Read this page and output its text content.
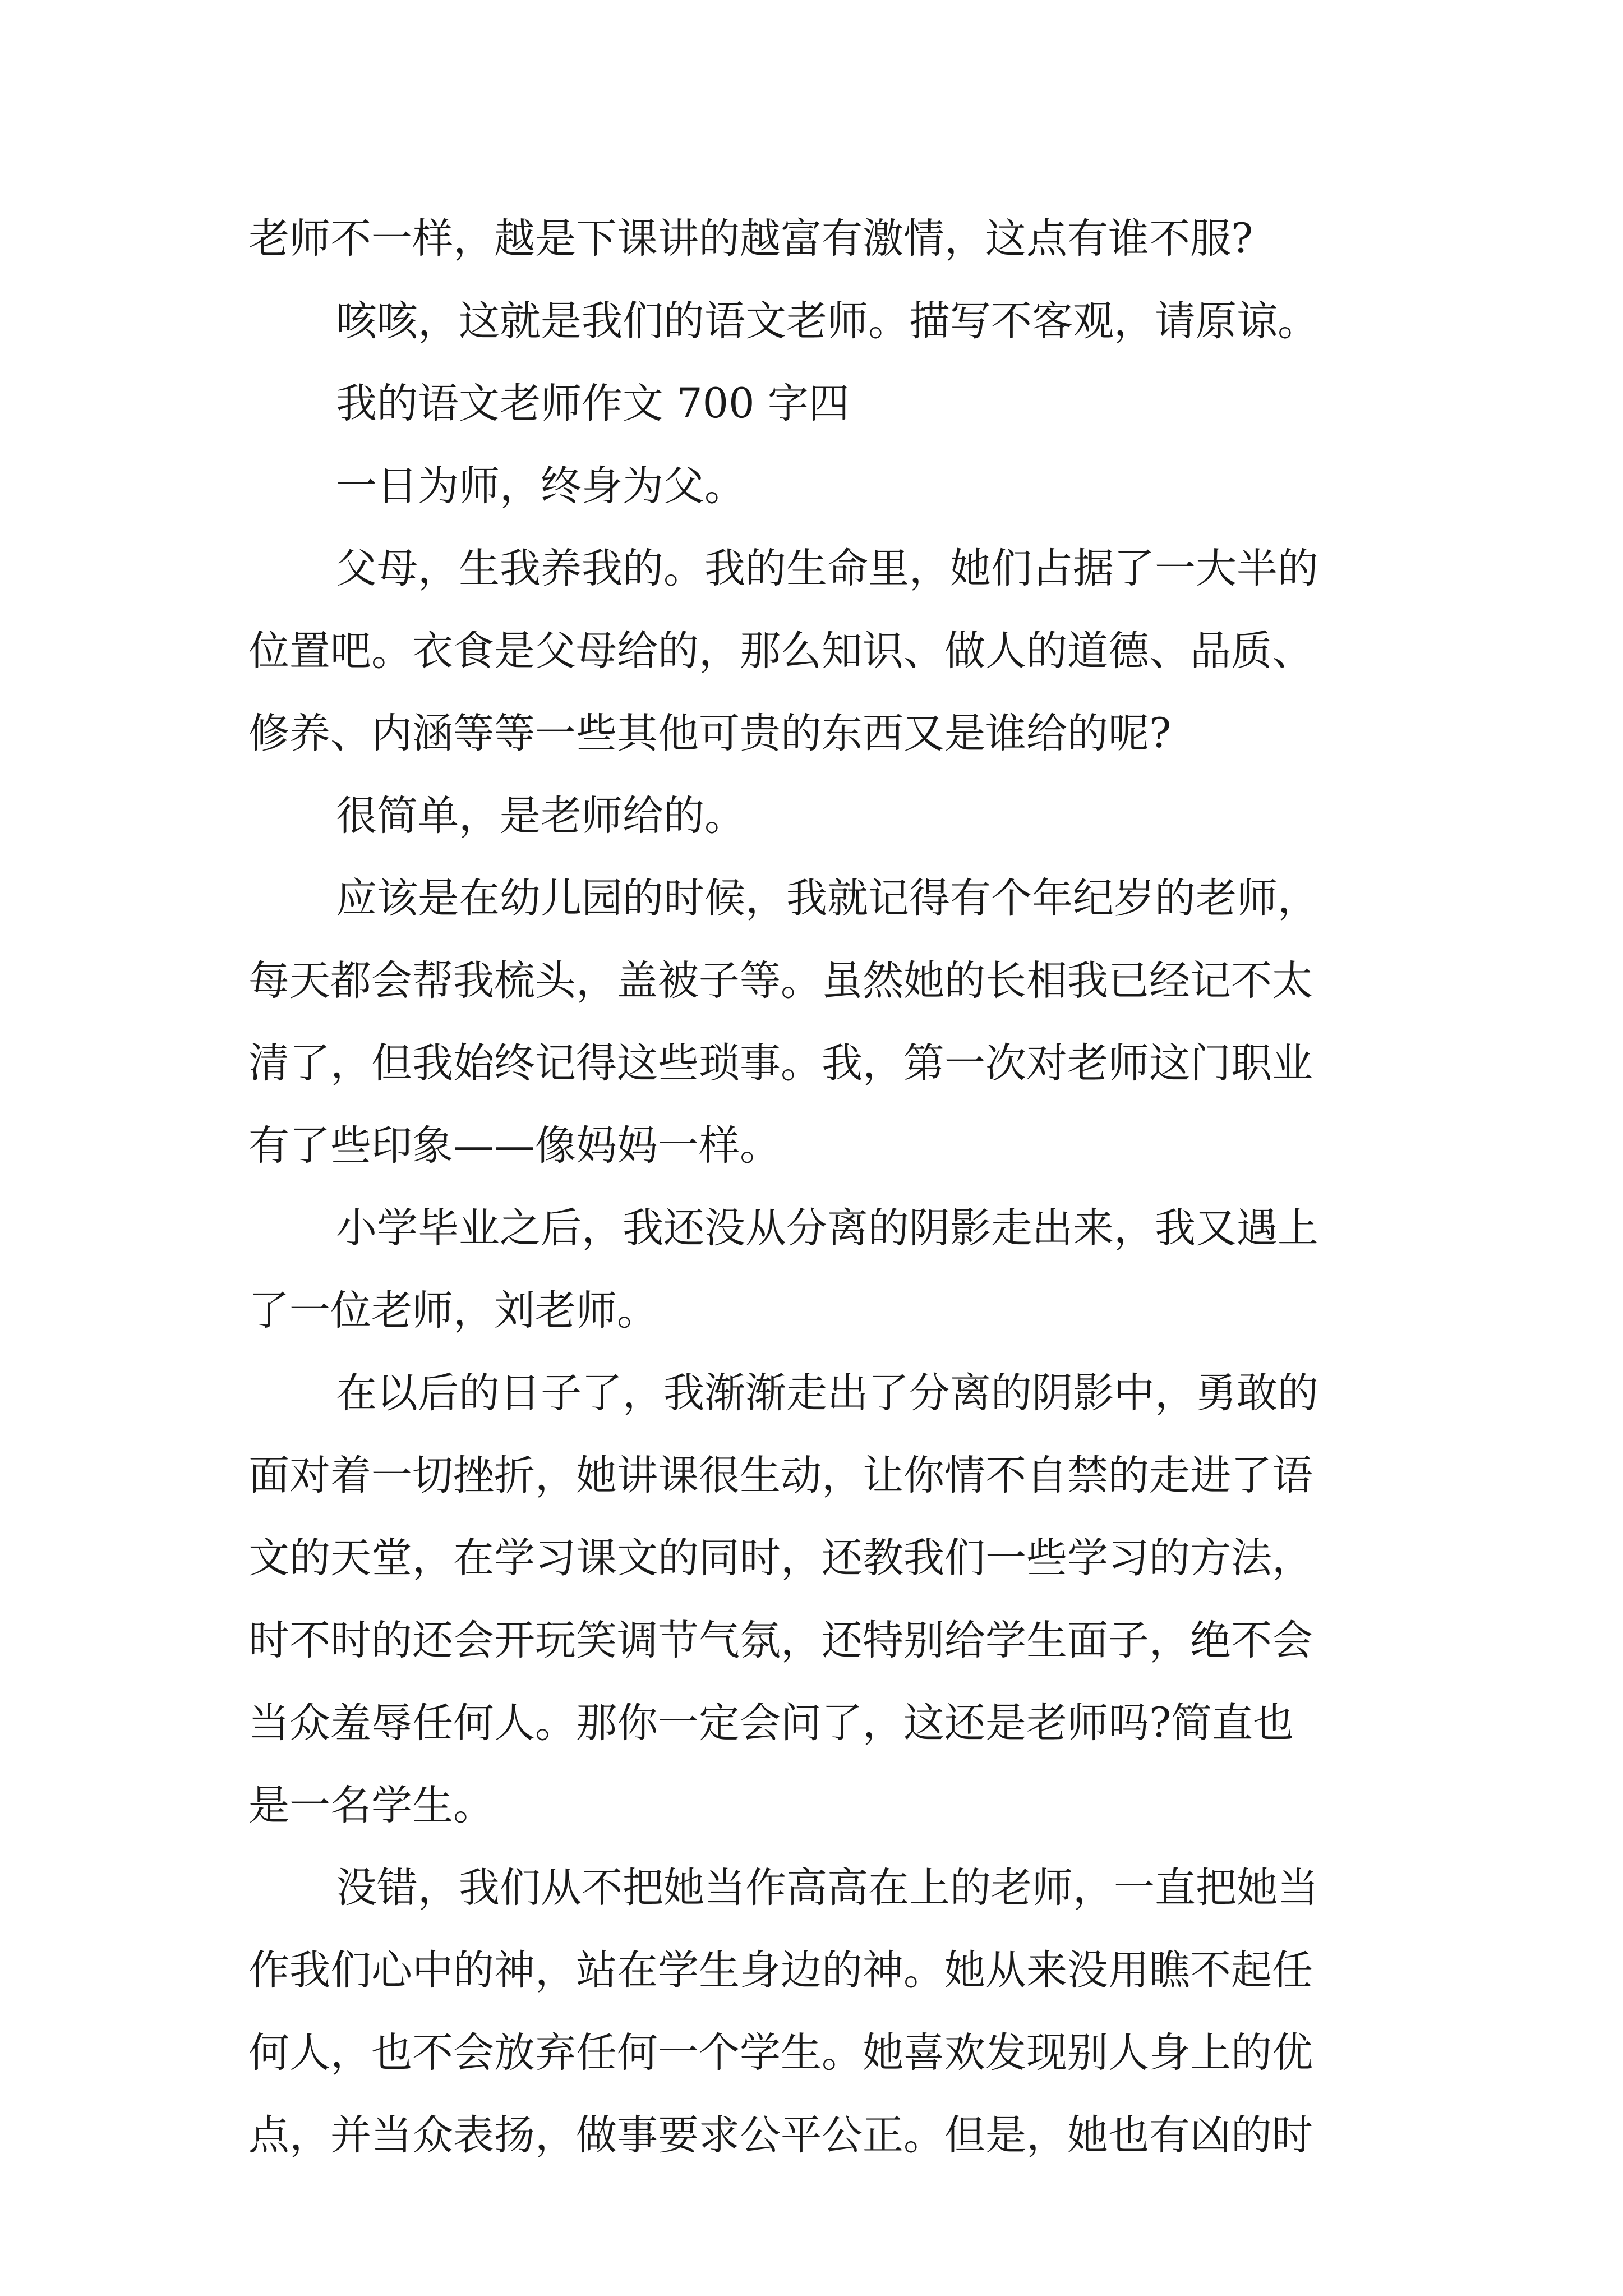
老师不一样，越是下课讲的越富有激情，这点有谁不服?
咳咳，这就是我们的语文老师。描写不客观，请原谅。
我的语文老师作文 700 字四
一日为师，终身为父。
父母，生我养我的。我的生命里，她们占据了一大半的
位置吧。衣食是父母给的，那么知识、做人的道德、品质、
修养、内涵等等一些其他可贵的东西又是谁给的呢?
很简单，是老师给的。
应该是在幼儿园的时候，我就记得有个年纪岁的老师，
每天都会帮我梳头，盖被子等。虽然她的长相我已经记不太
清了，但我始终记得这些琐事。我，第一次对老师这门职业
有了些印象——像妈妈一样。
小学毕业之后，我还没从分离的阴影走出来，我又遇上
了一位老师，刘老师。
在以后的日子了，我渐渐走出了分离的阴影中，勇敢的
面对着一切挫折，她讲课很生动，让你情不自禁的走进了语
文的天堂，在学习课文的同时，还教我们一些学习的方法，
时不时的还会开玩笑调节气氛，还特别给学生面子，绝不会
当众羞辱任何人。那你一定会问了，这还是老师吗?简直也
是一名学生。
没错，我们从不把她当作高高在上的老师，一直把她当
作我们心中的神，站在学生身边的神。她从来没用瞧不起任
何人，也不会放弃任何一个学生。她喜欢发现别人身上的优
点，并当众表扬，做事要求公平公正。但是，她也有凶的时
